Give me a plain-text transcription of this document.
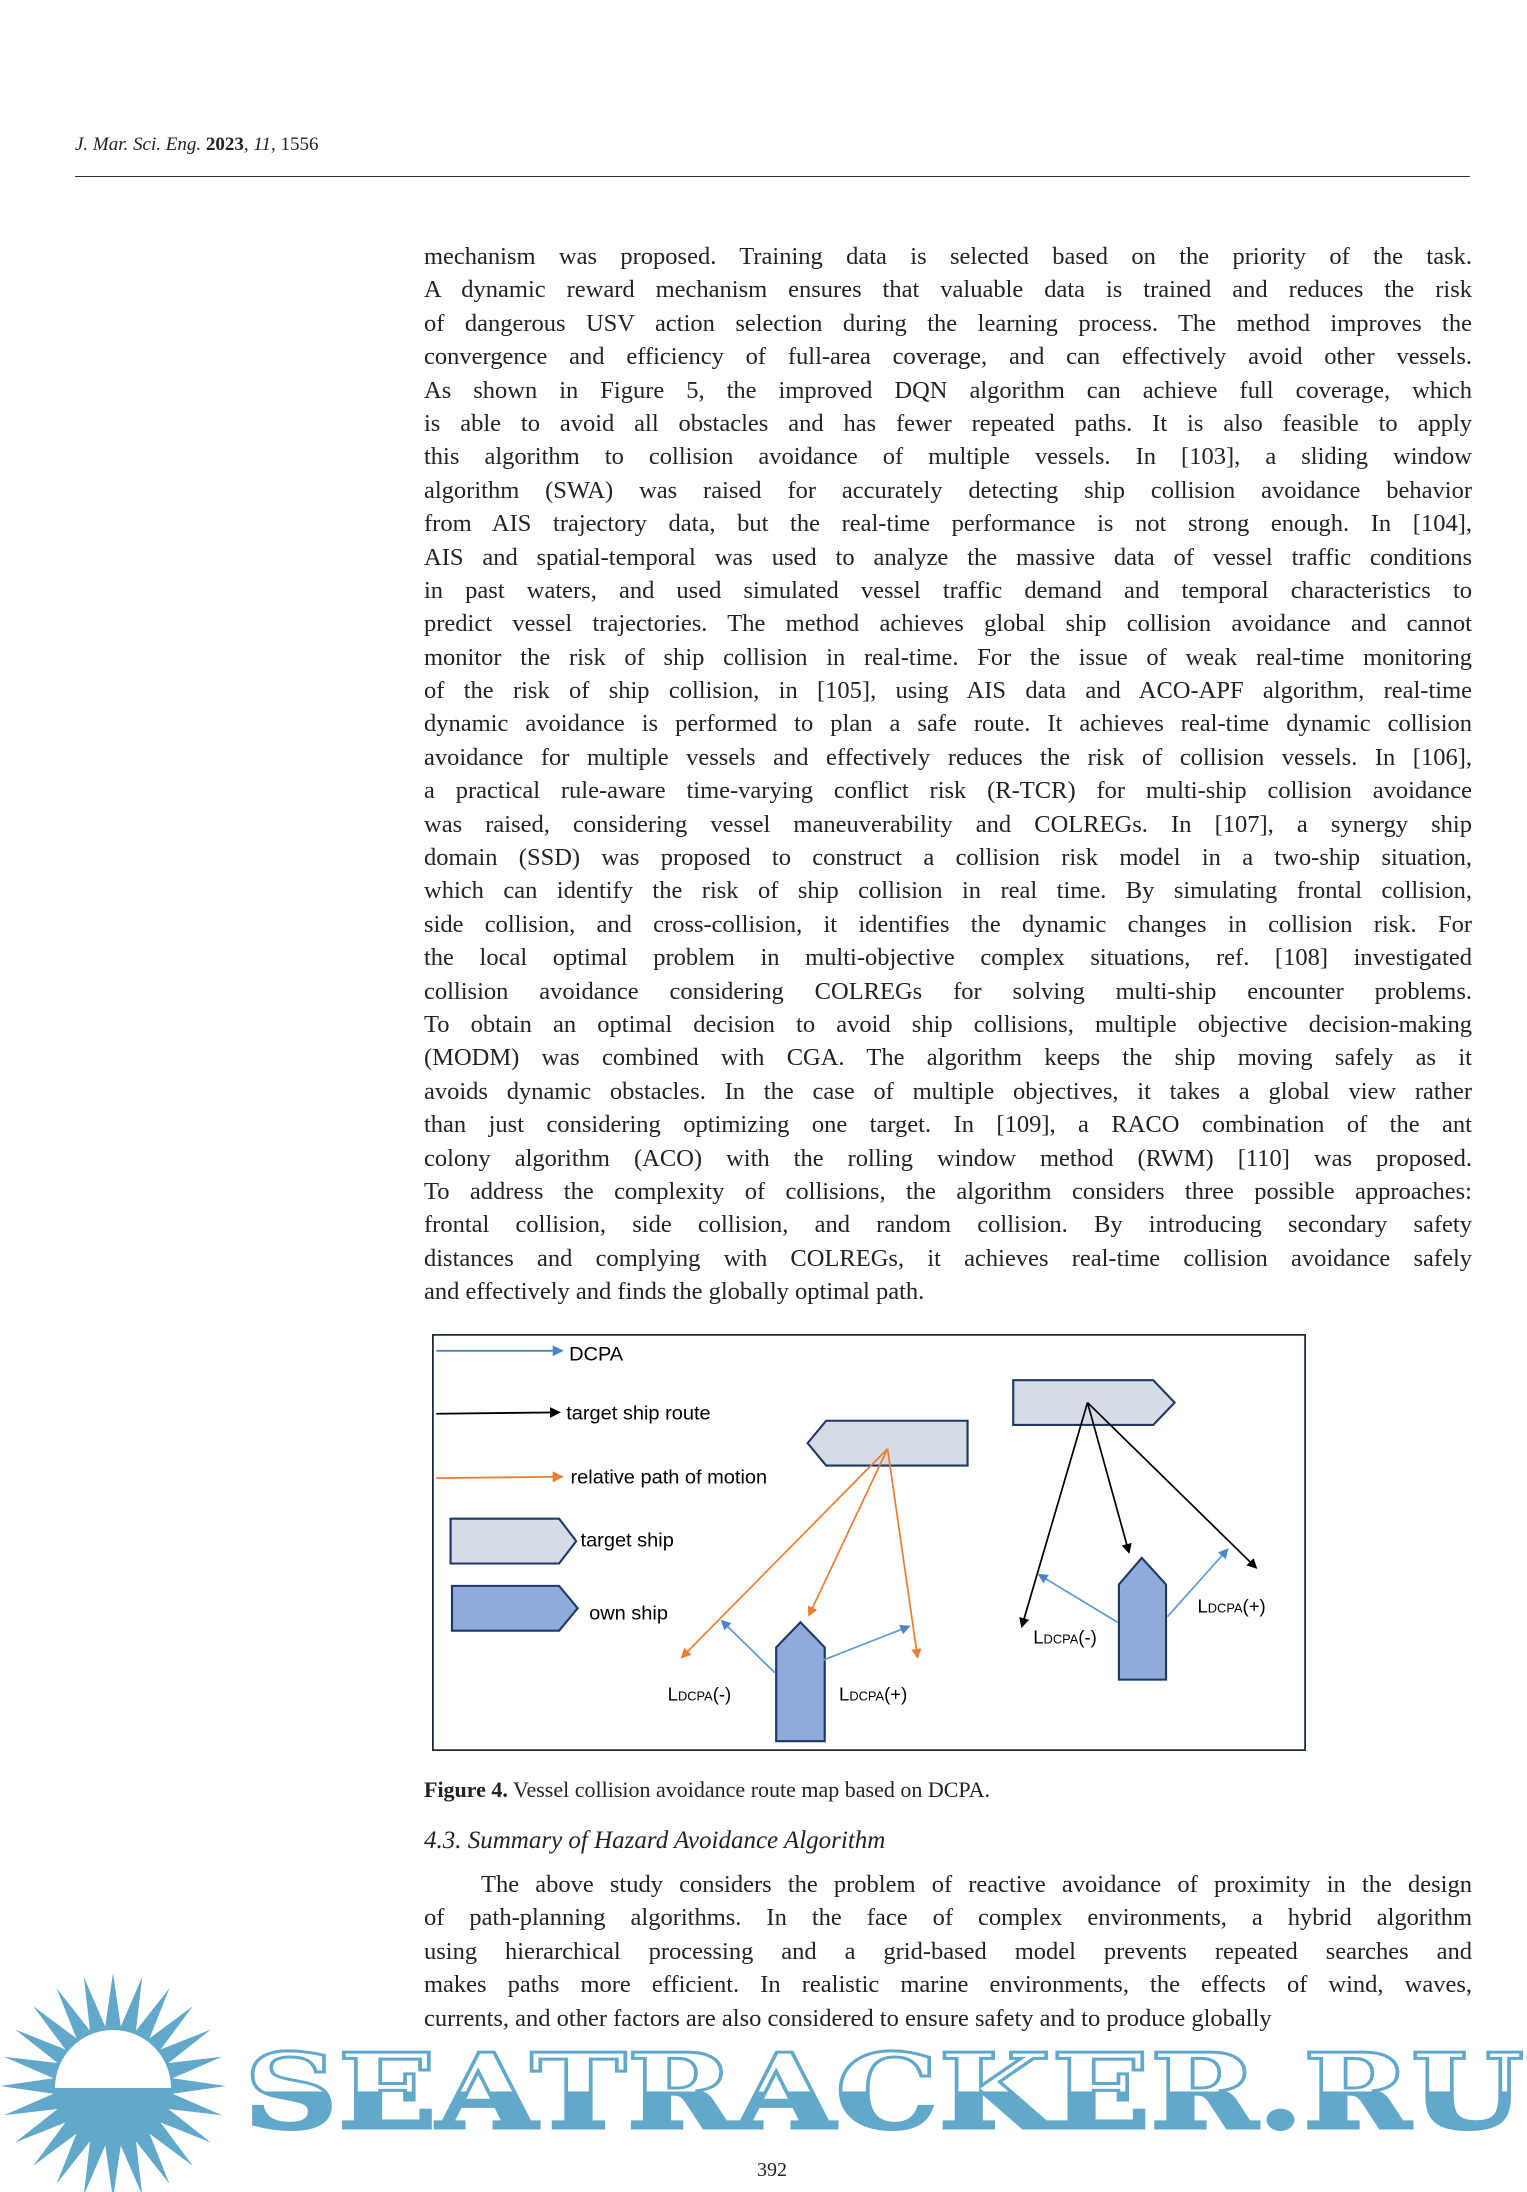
J. Mar. Sci. Eng. 2023, 11, 1556
mechanism was proposed. Training data is selected based on the priority of the task.
A dynamic reward mechanism ensures that valuable data is trained and reduces the risk
of dangerous USV action selection during the learning process. The method improves the
convergence and efficiency of full-area coverage, and can effectively avoid other vessels.
As shown in Figure 5, the improved DQN algorithm can achieve full coverage, which
is able to avoid all obstacles and has fewer repeated paths. It is also feasible to apply
this algorithm to collision avoidance of multiple vessels. In [103], a sliding window
algorithm (SWA) was raised for accurately detecting ship collision avoidance behavior
from AIS trajectory data, but the real-time performance is not strong enough. In [104],
AIS and spatial-temporal was used to analyze the massive data of vessel traffic conditions
in past waters, and used simulated vessel traffic demand and temporal characteristics to
predict vessel trajectories. The method achieves global ship collision avoidance and cannot
monitor the risk of ship collision in real-time. For the issue of weak real-time monitoring
of the risk of ship collision, in [105], using AIS data and ACO-APF algorithm, real-time
dynamic avoidance is performed to plan a safe route. It achieves real-time dynamic collision
avoidance for multiple vessels and effectively reduces the risk of collision vessels. In [106],
a practical rule-aware time-varying conflict risk (R-TCR) for multi-ship collision avoidance
was raised, considering vessel maneuverability and COLREGs. In [107], a synergy ship
domain (SSD) was proposed to construct a collision risk model in a two-ship situation,
which can identify the risk of ship collision in real time. By simulating frontal collision,
side collision, and cross-collision, it identifies the dynamic changes in collision risk. For
the local optimal problem in multi-objective complex situations, ref. [108] investigated
collision avoidance considering COLREGs for solving multi-ship encounter problems.
To obtain an optimal decision to avoid ship collisions, multiple objective decision-making
(MODM) was combined with CGA. The algorithm keeps the ship moving safely as it
avoids dynamic obstacles. In the case of multiple objectives, it takes a global view rather
than just considering optimizing one target. In [109], a RACO combination of the ant
colony algorithm (ACO) with the rolling window method (RWM) [110] was proposed.
To address the complexity of collisions, the algorithm considers three possible approaches:
frontal collision, side collision, and random collision. By introducing secondary safety
distances and complying with COLREGs, it achieves real-time collision avoidance safely
and effectively and finds the globally optimal path.
DCPA
target ship route
relative path of motion
target ship
own ship
LDCPA(-)	LDCPA(+)
LDCPA(-)
LDCPA(+)
Figure 4. Vessel collision avoidance route map based on DCPA.
4.3. Summary of Hazard Avoidance Algorithm
The above study considers the problem of reactive avoidance of proximity in the design
of path-planning algorithms. In the face of complex environments, a hybrid algorithm
using hierarchical processing and a grid-based model prevents repeated searches and
makes paths more efficient. In realistic marine environments, the effects of wind, waves,
currents, and other factors are also considered to ensure safety and to produce globally
SEATRACKER.RU
392
